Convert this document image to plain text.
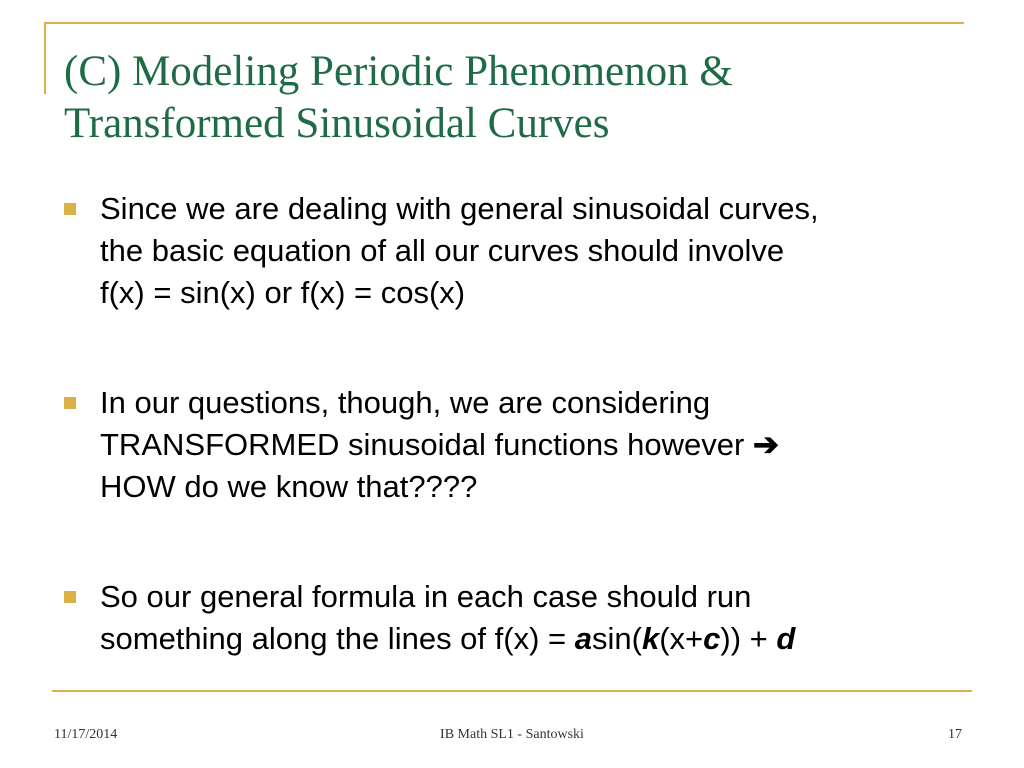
(C) Modeling Periodic Phenomenon &
Transformed Sinusoidal Curves
Since we are dealing with general sinusoidal curves,
the basic equation of all our curves should involve
f(x) = sin(x) or f(x) = cos(x)
In our questions, though, we are considering
TRANSFORMED sinusoidal functions however ➔
HOW do we know that????
So our general formula in each case should run
something along the lines of f(x) = asin(k(x+c)) + d
11/17/2014	IB Math SL1 - Santowski	17
